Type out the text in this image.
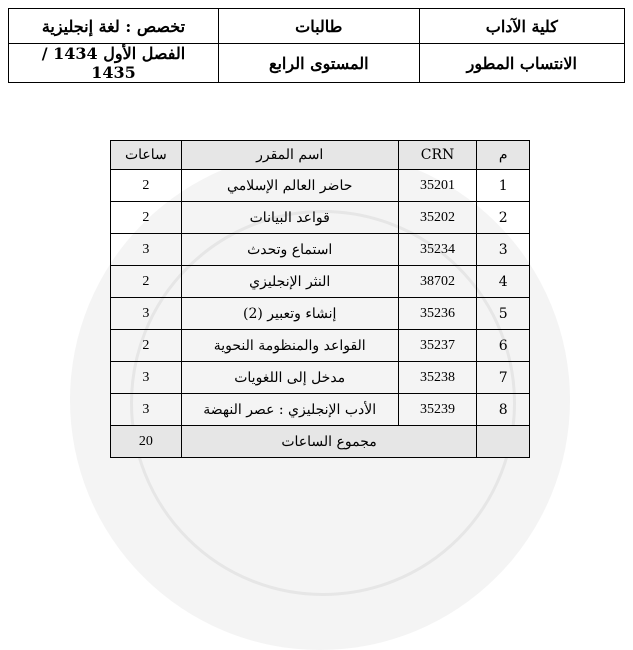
كلية الآداب	طالبات	تخصص : لغة إنجليزية
الانتساب المطور	المستوى الرابع	الفصل الأول 1434 / 1435
م	CRN	اسم المقرر	ساعات
1	35201	حاضر العالم الإسلامي	2
2	35202	قواعد البيانات	2
3	35234	استماع وتحدث	3
4	38702	النثر الإنجليزي	2
5	35236	إنشاء وتعبير (2)	3
6	35237	القواعد والمنظومة النحوية	2
7	35238	مدخل إلى اللغويات	3
8	35239	الأدب الإنجليزي : عصر النهضة	3
	مجموع الساعات		20
